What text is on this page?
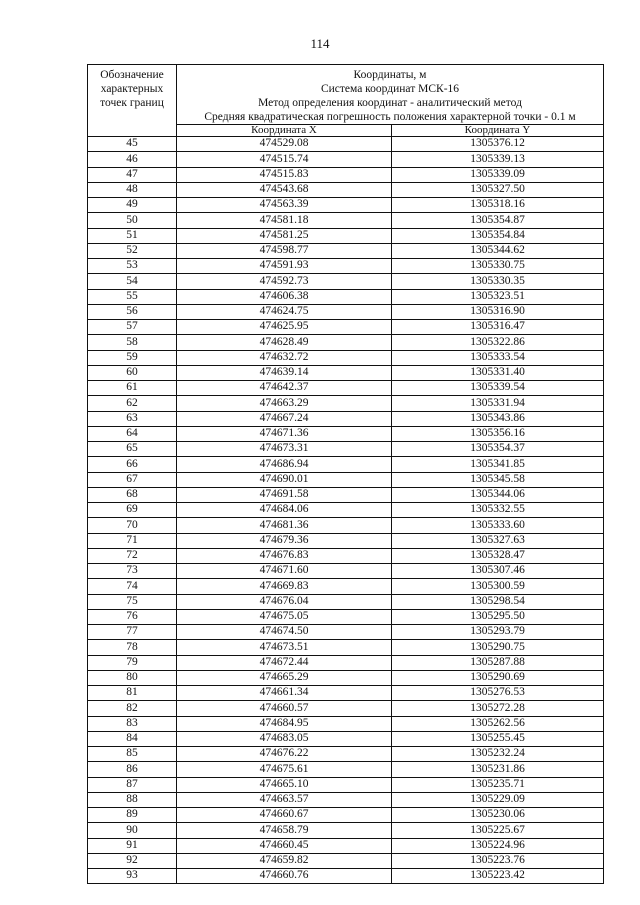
114
Обозначение характерных точек границ	Координаты, м
Система координат МСК-16
Метод определения координат - аналитический метод
Средняя квадратическая погрешность положения характерной точки - 0.1 м	

	Координата X	Координата Y
45	474529.08	1305376.12
46	474515.74	1305339.13
47	474515.83	1305339.09
48	474543.68	1305327.50
49	474563.39	1305318.16
50	474581.18	1305354.87
51	474581.25	1305354.84
52	474598.77	1305344.62
53	474591.93	1305330.75
54	474592.73	1305330.35
55	474606.38	1305323.51
56	474624.75	1305316.90
57	474625.95	1305316.47
58	474628.49	1305322.86
59	474632.72	1305333.54
60	474639.14	1305331.40
61	474642.37	1305339.54
62	474663.29	1305331.94
63	474667.24	1305343.86
64	474671.36	1305356.16
65	474673.31	1305354.37
66	474686.94	1305341.85
67	474690.01	1305345.58
68	474691.58	1305344.06
69	474684.06	1305332.55
70	474681.36	1305333.60
71	474679.36	1305327.63
72	474676.83	1305328.47
73	474671.60	1305307.46
74	474669.83	1305300.59
75	474676.04	1305298.54
76	474675.05	1305295.50
77	474674.50	1305293.79
78	474673.51	1305290.75
79	474672.44	1305287.88
80	474665.29	1305290.69
81	474661.34	1305276.53
82	474660.57	1305272.28
83	474684.95	1305262.56
84	474683.05	1305255.45
85	474676.22	1305232.24
86	474675.61	1305231.86
87	474665.10	1305235.71
88	474663.57	1305229.09
89	474660.67	1305230.06
90	474658.79	1305225.67
91	474660.45	1305224.96
92	474659.82	1305223.76
93	474660.76	1305223.42
